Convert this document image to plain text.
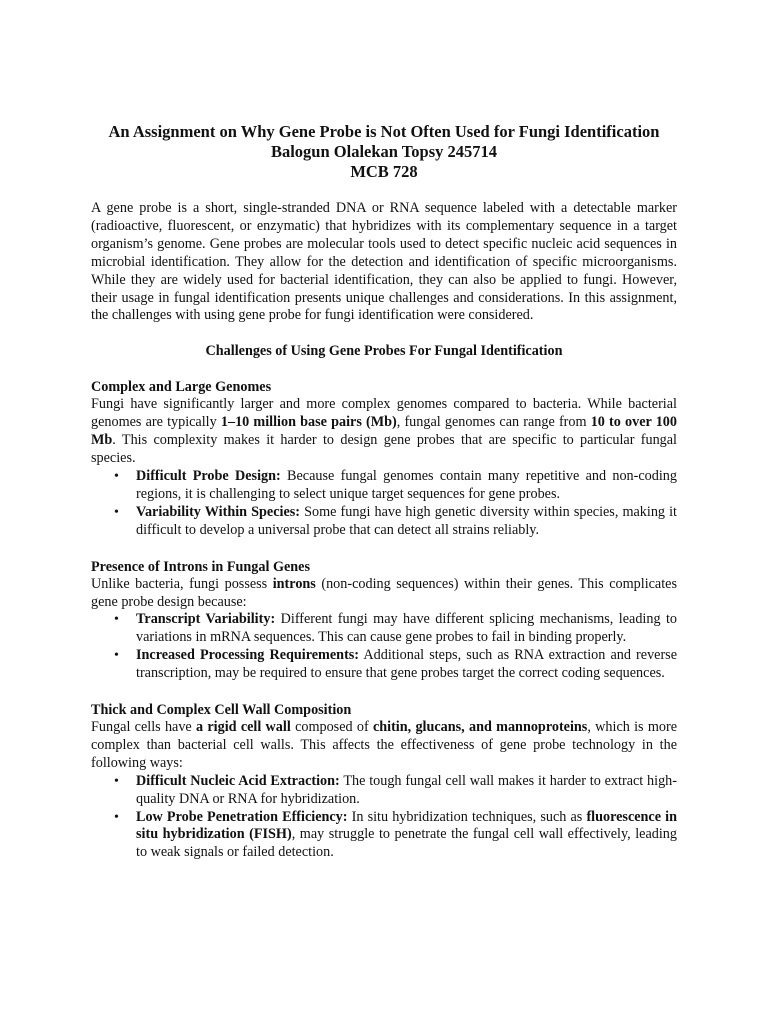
An Assignment on Why Gene Probe is Not Often Used for Fungi Identification
Balogun Olalekan Topsy 245714
MCB 728

A gene probe is a short, single-stranded DNA or RNA sequence labeled with a detectable marker (radioactive, fluorescent, or enzymatic) that hybridizes with its complementary sequence in a target organism’s genome. Gene probes are molecular tools used to detect specific nucleic acid sequences in microbial identification. They allow for the detection and identification of specific microorganisms. While they are widely used for bacterial identification, they can also be applied to fungi. However, their usage in fungal identification presents unique challenges and considerations. In this assignment, the challenges with using gene probe for fungi identification were considered.

Challenges of Using Gene Probes For Fungal Identification
Complex and Large Genomes

Fungi have significantly larger and more complex genomes compared to bacteria. While bacterial genomes are typically 1–10 million base pairs (Mb), fungal genomes can range from 10 to over 100 Mb. This complexity makes it harder to design gene probes that are specific to particular fungal species.

• Difficult Probe Design: Because fungal genomes contain many repetitive and non-coding regions, it is challenging to select unique target sequences for gene probes.
• Variability Within Species: Some fungi have high genetic diversity within species, making it difficult to develop a universal probe that can detect all strains reliably.
Presence of Introns in Fungal Genes

Unlike bacteria, fungi possess introns (non-coding sequences) within their genes. This complicates gene probe design because:

• Transcript Variability: Different fungi may have different splicing mechanisms, leading to variations in mRNA sequences. This can cause gene probes to fail in binding properly.
• Increased Processing Requirements: Additional steps, such as RNA extraction and reverse transcription, may be required to ensure that gene probes target the correct coding sequences.
Thick and Complex Cell Wall Composition

Fungal cells have a rigid cell wall composed of chitin, glucans, and mannoproteins, which is more complex than bacterial cell walls. This affects the effectiveness of gene probe technology in the following ways:

• Difficult Nucleic Acid Extraction: The tough fungal cell wall makes it harder to extract high-quality DNA or RNA for hybridization.
• Low Probe Penetration Efficiency: In situ hybridization techniques, such as fluorescence in situ hybridization (FISH), may struggle to penetrate the fungal cell wall effectively, leading to weak signals or failed detection.
